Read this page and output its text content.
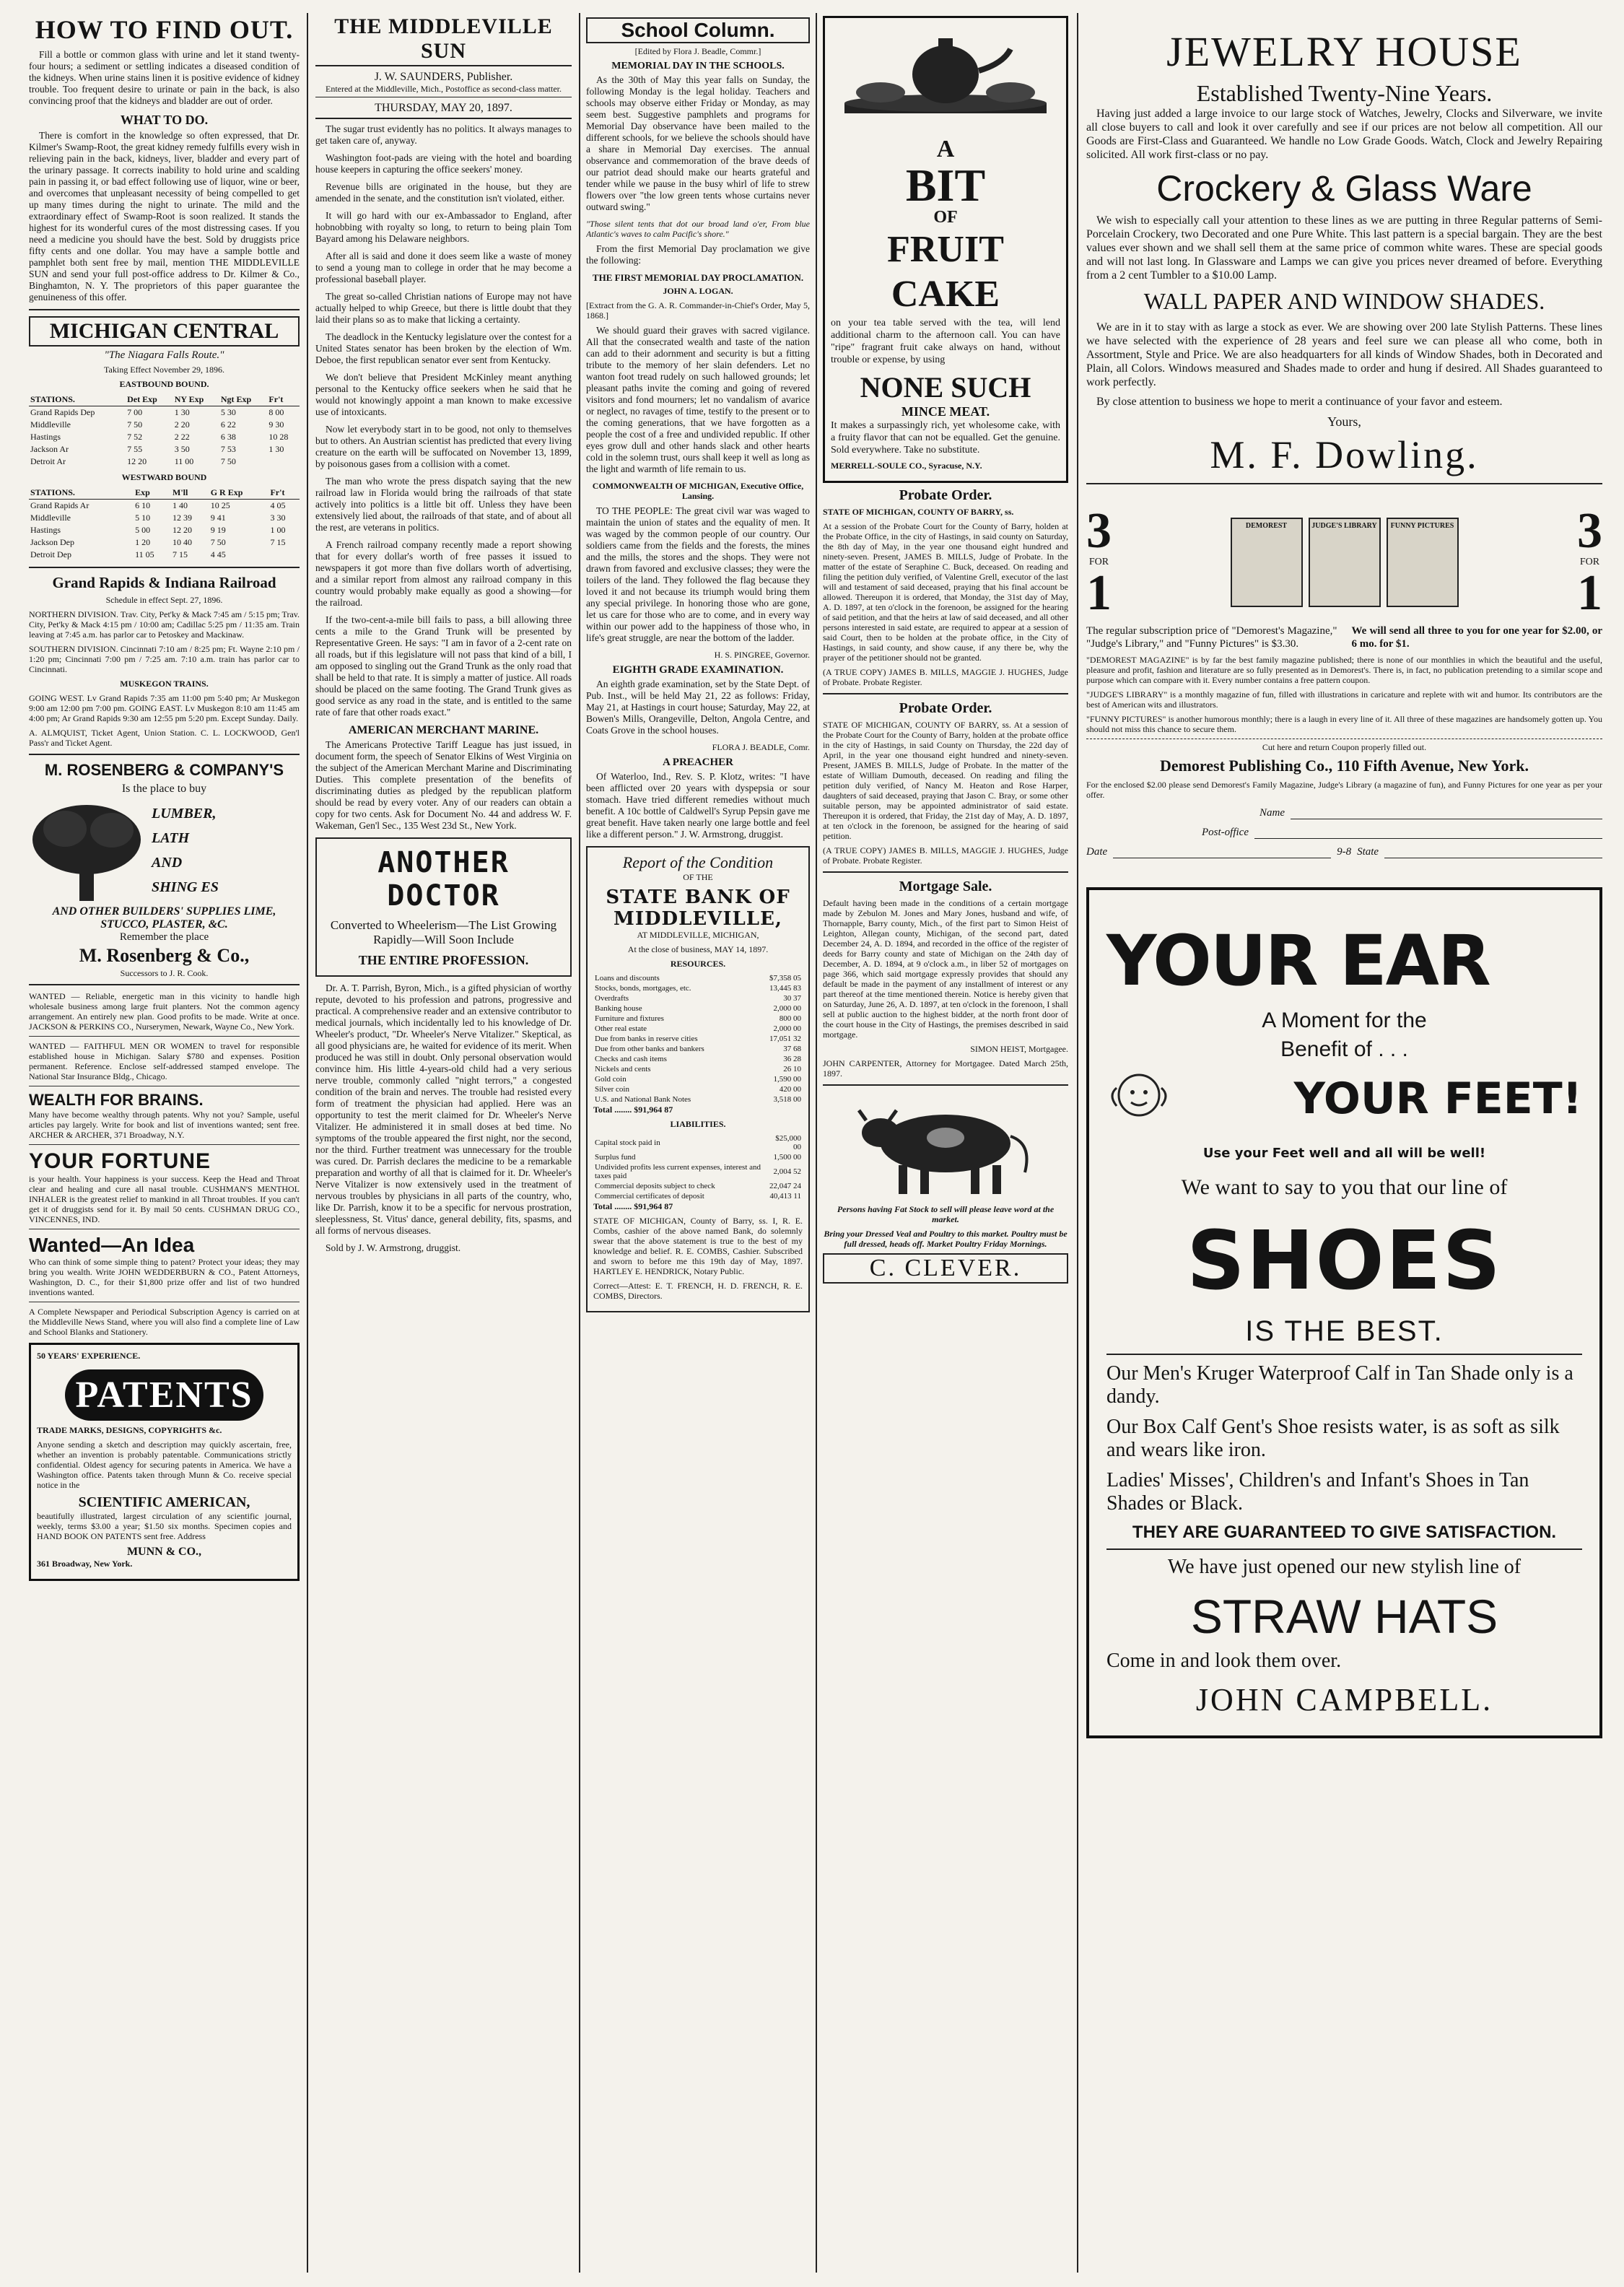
HOW TO FIND OUT.

Fill a bottle or common glass with urine and let it stand twenty-four hours; a sediment or settling indicates a diseased condition of the kidneys. When urine stains linen it is positive evidence of kidney trouble. Too frequent desire to urinate or pain in the back, is also convincing proof that the kidneys and bladder are out of order.

WHAT TO DO.

There is comfort in the knowledge so often expressed, that Dr. Kilmer's Swamp-Root, the great kidney remedy fulfills every wish in relieving pain in the back, kidneys, liver, bladder and every part of the urinary passage. It corrects inability to hold urine and scalding pain in passing it, or bad effect following use of liquor, wine or beer, and overcomes that unpleasant necessity of being compelled to get up many times during the night to urinate. The mild and the extraordinary effect of Swamp-Root is soon realized. It stands the highest for its wonderful cures of the most distressing cases. If you need a medicine you should have the best. Sold by druggists price fifty cents and one dollar. You may have a sample bottle and pamphlet both sent free by mail, mention THE MIDDLEVILLE SUN and send your full post-office address to Dr. Kilmer & Co., Binghamton, N. Y. The proprietors of this paper guarantee the genuineness of this offer.

MICHIGAN CENTRAL
"The Niagara Falls Route."
Taking Effect November 29, 1896.
EASTBOUND BOUND.
STATIONS.	Det Exp	NY Exp	Ngt Exp	Fr't
Grand Rapids Dep	7 00	1 30	5 30	8 00
Middleville	7 50	2 20	6 22	9 30
Hastings	7 52	2 22	6 38	10 28
Jackson Ar	7 55	3 50	7 53	1 30
Detroit Ar	12 20	11 00	7 50	
WESTWARD BOUND
STATIONS.	Exp	M'll	G R Exp	Fr't
Grand Rapids Ar	6 10	1 40	10 25	4 05
Middleville	5 10	12 39	9 41	3 30
Hastings	5 00	12 20	9 19	1 00
Jackson Dep	1 20	10 40	7 50	7 15
Detroit Dep	11 05	7 15	4 45	
Grand Rapids & Indiana Railroad
Schedule in effect Sept. 27, 1896.

NORTHERN DIVISION. Trav. City, Pet'ky & Mack 7:45 am / 5:15 pm; Trav. City, Pet'ky & Mack 4:15 pm / 10:00 am; Cadillac 5:25 pm / 11:35 am. Train leaving at 7:45 a.m. has parlor car to Petoskey and Mackinaw.

SOUTHERN DIVISION. Cincinnati 7:10 am / 8:25 pm; Ft. Wayne 2:10 pm / 1:20 pm; Cincinnati 7:00 pm / 7:25 am. 7:10 a.m. train has parlor car to Cincinnati.

MUSKEGON TRAINS.

GOING WEST. Lv Grand Rapids 7:35 am 11:00 pm 5:40 pm; Ar Muskegon 9:00 am 12:00 pm 7:00 pm. GOING EAST. Lv Muskegon 8:10 am 11:45 am 4:00 pm; Ar Grand Rapids 9:30 am 12:55 pm 5:20 pm. Except Sunday. Daily.

A. ALMQUIST, Ticket Agent, Union Station. C. L. LOCKWOOD, Gen'l Pass'r and Ticket Agent.

M. ROSENBERG & COMPANY'S
Is the place to buy
LUMBER,
LATH
AND
SHING ES
AND OTHER BUILDERS' SUPPLIES LIME, STUCCO, PLASTER, &C.
Remember the place
M. Rosenberg & Co.,
Successors to J. R. Cook.

WANTED — Reliable, energetic man in this vicinity to handle high wholesale business among large fruit planters. Not the common agency arrangement. An entirely new plan. Good profits to be made. Write at once. JACKSON & PERKINS CO., Nurserymen, Newark, Wayne Co., New York.

WANTED — FAITHFUL MEN OR WOMEN to travel for responsible established house in Michigan. Salary $780 and expenses. Position permanent. Reference. Enclose self-addressed stamped envelope. The National Star Insurance Bldg., Chicago.

WEALTH FOR BRAINS.

Many have become wealthy through patents. Why not you? Sample, useful articles pay largely. Write for book and list of inventions wanted; sent free. ARCHER & ARCHER, 371 Broadway, N.Y.

YOUR FORTUNE

is your health. Your happiness is your success. Keep the Head and Throat clear and healing and cure all nasal trouble. CUSHMAN'S MENTHOL INHALER is the greatest relief to mankind in all Throat troubles. If you can't get it of druggists send for it. By mail 50 cents. CUSHMAN DRUG CO., VINCENNES, IND.

Wanted—An Idea

Who can think of some simple thing to patent? Protect your ideas; they may bring you wealth. Write JOHN WEDDERBURN & CO., Patent Attorneys, Washington, D. C., for their $1,800 prize offer and list of two hundred inventions wanted.

A Complete Newspaper and Periodical Subscription Agency is carried on at the Middleville News Stand, where you will also find a complete line of Law and School Blanks and Stationery.

50 YEARS' EXPERIENCE.
PATENTS
TRADE MARKS, DESIGNS, COPYRIGHTS &c.

Anyone sending a sketch and description may quickly ascertain, free, whether an invention is probably patentable. Communications strictly confidential. Oldest agency for securing patents in America. We have a Washington office. Patents taken through Munn & Co. receive special notice in the

SCIENTIFIC AMERICAN,

beautifully illustrated, largest circulation of any scientific journal, weekly, terms $3.00 a year; $1.50 six months. Specimen copies and HAND BOOK ON PATENTS sent free. Address

MUNN & CO.,
361 Broadway, New York.
THE MIDDLEVILLE SUN
J. W. SAUNDERS, Publisher.
Entered at the Middleville, Mich., Postoffice as second-class matter.
THURSDAY, MAY 20, 1897.

The sugar trust evidently has no politics. It always manages to get taken care of, anyway.

Washington foot-pads are vieing with the hotel and boarding house keepers in capturing the office seekers' money.

Revenue bills are originated in the house, but they are amended in the senate, and the constitution isn't violated, either.

It will go hard with our ex-Ambassador to England, after hobnobbing with royalty so long, to return to being plain Tom Bayard among his Delaware neighbors.

After all is said and done it does seem like a waste of money to send a young man to college in order that he may become a professional baseball player.

The great so-called Christian nations of Europe may not have actually helped to whip Greece, but there is little doubt that they laid their plans so as to make that licking a certainty.

The deadlock in the Kentucky legislature over the contest for a United States senator has been broken by the election of Wm. Deboe, the first republican senator ever sent from Kentucky.

We don't believe that President McKinley meant anything personal to the Kentucky office seekers when he said that he would not knowingly appoint a man known to make excessive use of intoxicants.

Now let everybody start in to be good, not only to themselves but to others. An Austrian scientist has predicted that every living creature on the earth will be suffocated on November 13, 1899, by poisonous gases from a collision with a comet.

The man who wrote the press dispatch saying that the new railroad law in Florida would bring the railroads of that state actively into politics is a little bit off. Unless they have been extensively lied about, the railroads of that state, and of about all the rest, are veterans in politics.

A French railroad company recently made a report showing that for every dollar's worth of free passes it issued to newspapers it got more than five dollars worth of advertising, and a similar report from almost any railroad company in this country would probably make equally as good a showing—for the railroad.

If the two-cent-a-mile bill fails to pass, a bill allowing three cents a mile to the Grand Trunk will be presented by Representative Green. He says: "I am in favor of a 2-cent rate on all roads, but if this legislature will not pass that kind of a bill, I am opposed to singling out the Grand Trunk as the only road that shall be held to that rate. It is simply a matter of justice. All roads should be placed on the same footing. The Grand Trunk gives as good service as any road in the state, and is entitled to the same rate of fare that other roads exact."

AMERICAN MERCHANT MARINE.

The Americans Protective Tariff League has just issued, in document form, the speech of Senator Elkins of West Virginia on the subject of the American Merchant Marine and Discriminating Duties. This complete presentation of the benefits of discriminating duties as pledged by the republican platform should be read by every voter. Any of our readers can obtain a copy for two cents. Ask for Document No. 44 and address W. F. Wakeman, Gen'l Sec., 135 West 23d St., New York.

ANOTHER DOCTOR
Converted to Wheelerism—The List Growing Rapidly—Will Soon Include
THE ENTIRE PROFESSION.

Dr. A. T. Parrish, Byron, Mich., is a gifted physician of worthy repute, devoted to his profession and patrons, progressive and practical. A comprehensive reader and an extensive contributor to medical journals, which incidentally led to his knowledge of Dr. Wheeler's product, "Dr. Wheeler's Nerve Vitalizer." Skeptical, as all good physicians are, he waited for evidence of its merit. When produced he was still in doubt. Only personal observation would convince him. His little 4-years-old child had a very serious nerve trouble, commonly called "night terrors," a congested condition of the brain and nerves. The trouble had resisted every form of treatment the physician had applied. Here was an opportunity to test the merit claimed for Dr. Wheeler's Nerve Vitalizer. He administered it in small doses at bed time. No symptoms of the trouble appeared the first night, nor the second, nor the third. Further treatment was unnecessary for the trouble was cured. Dr. Parrish declares the medicine to be a remarkable preparation and worthy of all that is claimed for it. Dr. Wheeler's Nerve Vitalizer is now extensively used in the treatment of nervous troubles by physicians in all parts of the country, who, like Dr. Parrish, know it to be a specific for nervous prostration, sleeplessness, St. Vitus' dance, general debility, fits, spasms, and all forms of nervous diseases.

Sold by J. W. Armstrong, druggist.

School Column.
[Edited by Flora J. Beadle, Commr.]
MEMORIAL DAY IN THE SCHOOLS.

As the 30th of May this year falls on Sunday, the following Monday is the legal holiday. Teachers and schools may observe either Friday or Monday, as may seem best. Suggestive pamphlets and programs for Memorial Day observance have been mailed to the different schools, for we believe the schools should have a share in Memorial Day exercises. The annual observance and commemoration of the brave deeds of our patriot dead should make our hearts grateful and tender while we pause in the busy whirl of life to strew flowers over "the low green tents whose curtains never outward swing."

"Those silent tents that dot our broad land o'er, From blue Atlantic's waves to calm Pacific's shore."

From the first Memorial Day proclamation we give the following:

THE FIRST MEMORIAL DAY PROCLAMATION.
JOHN A. LOGAN.

[Extract from the G. A. R. Commander-in-Chief's Order, May 5, 1868.]

We should guard their graves with sacred vigilance. All that the consecrated wealth and taste of the nation can add to their adornment and security is but a fitting tribute to the memory of her slain defenders. Let no wanton foot tread rudely on such hallowed grounds; let pleasant paths invite the coming and going of revered visitors and fond mourners; let no vandalism of avarice or neglect, no ravages of time, testify to the present or to the coming generations, that we have forgotten as a people the cost of a free and undivided republic. If other eyes grow dull and other hands slack and other hearts cold in the solemn trust, ours shall keep it well as long as the light and warmth of life remain to us.

COMMONWEALTH OF MICHIGAN, Executive Office, Lansing.

TO THE PEOPLE: The great civil war was waged to maintain the union of states and the equality of men. It was waged by the common people of our country. Our soldiers came from the fields and the forests, the mines and the mills, the stores and the shops. They were not drawn from favored and exclusive classes; they were the toilers of the land. They followed the flag because they loved it and not because its triumph would bring them any special privilege. In honoring those who are gone, let us care for those who are to come, and in every way within our power add to the happiness of those who, in life's great struggle, are near the bottom of the ladder.

H. S. PINGREE, Governor.
EIGHTH GRADE EXAMINATION.

An eighth grade examination, set by the State Dept. of Pub. Inst., will be held May 21, 22 as follows: Friday, May 21, at Hastings in court house; Saturday, May 22, at Bowen's Mills, Orangeville, Delton, Angola Centre, and Coats Grove in the school houses.

FLORA J. BEADLE, Comr.
A PREACHER

Of Waterloo, Ind., Rev. S. P. Klotz, writes: "I have been afflicted over 20 years with dyspepsia or sour stomach. Have tried different remedies without much benefit. A 10c bottle of Caldwell's Syrup Pepsin gave me great benefit. Have taken nearly one large bottle and feel like a different person." J. W. Armstrong, druggist.

Report of the Condition
OF THE
STATE BANK OF MIDDLEVILLE,
AT MIDDLEVILLE, MICHIGAN,
At the close of business, MAY 14, 1897.
RESOURCES.
Loans and discounts	$7,358 05
Stocks, bonds, mortgages, etc.	13,445 83
Overdrafts	30 37
Banking house	2,000 00
Furniture and fixtures	800 00
Other real estate	2,000 00
Due from banks in reserve cities	17,051 32
Due from other banks and bankers	37 68
Checks and cash items	36 28
Nickels and cents	26 10
Gold coin	1,590 00
Silver coin	420 00
U.S. and National Bank Notes	3,518 00
Total ........ $91,964 87
LIABILITIES.
Capital stock paid in	$25,000 00
Surplus fund	1,500 00
Undivided profits less current expenses, interest and taxes paid	2,004 52
Commercial deposits subject to check	22,047 24
Commercial certificates of deposit	40,413 11
Total ........ $91,964 87

STATE OF MICHIGAN, County of Barry, ss. I, R. E. Combs, cashier of the above named Bank, do solemnly swear that the above statement is true to the best of my knowledge and belief. R. E. COMBS, Cashier. Subscribed and sworn to before me this 19th day of May, 1897. HARTLEY E. HENDRICK, Notary Public.

Correct—Attest: E. T. FRENCH, H. D. FRENCH, R. E. COMBS, Directors.

A
BIT
OF
FRUIT CAKE

on your tea table served with the tea, will lend additional charm to the afternoon call. You can have "ripe" fragrant fruit cake always on hand, without trouble or expense, by using

NONE SUCH
MINCE MEAT.

It makes a surpassingly rich, yet wholesome cake, with a fruity flavor that can not be equalled. Get the genuine. Sold everywhere. Take no substitute.

MERRELL-SOULE CO., Syracuse, N.Y.
Probate Order.
STATE OF MICHIGAN, COUNTY OF BARRY, ss.

At a session of the Probate Court for the County of Barry, holden at the Probate Office, in the city of Hastings, in said county on Saturday, the 8th day of May, in the year one thousand eight hundred and ninety-seven. Present, JAMES B. MILLS, Judge of Probate. In the matter of the estate of Seraphine C. Buck, deceased. On reading and filing the petition duly verified, of Valentine Grell, executor of the last will and testament of said deceased, praying that his final account be allowed. Thereupon it is ordered, that Monday, the 31st day of May, A. D. 1897, at ten o'clock in the forenoon, be assigned for the hearing of said petition, and that the heirs at law of said deceased, and all other persons interested in said estate, are required to appear at a session of said Court, then to be holden at the probate office, in the City of Hastings, in said county, and show cause, if any there be, why the prayer of the petitioner should not be granted.

(A TRUE COPY) JAMES B. MILLS, MAGGIE J. HUGHES, Judge of Probate. Probate Register.

Probate Order.

STATE OF MICHIGAN, COUNTY OF BARRY, ss. At a session of the Probate Court for the County of Barry, holden at the probate office in the city of Hastings, in said County on Thursday, the 22d day of April, in the year one thousand eight hundred and ninety-seven. Present, JAMES B. MILLS, Judge of Probate. In the matter of the estate of William Dumouth, deceased. On reading and filing the petition duly verified, of Nancy M. Heaton and Rose Harper, daughters of said deceased, praying that Jason C. Bray, or some other suitable person, may be appointed administrator of said estate. Thereupon it is ordered, that Friday, the 21st day of May, A. D. 1897, at ten o'clock in the forenoon, be assigned for the hearing of said petition.

(A TRUE COPY) JAMES B. MILLS, MAGGIE J. HUGHES, Judge of Probate. Probate Register.

Mortgage Sale.

Default having been made in the conditions of a certain mortgage made by Zebulon M. Jones and Mary Jones, husband and wife, of Thornapple, Barry county, Mich., of the first part to Simon Heist of Leighton, Allegan county, Michigan, of the second part, dated December 24, A. D. 1894, and recorded in the office of the register of deeds for Barry county and state of Michigan on the 24th day of December, A. D. 1894, at 9 o'clock a.m., in liber 52 of mortgages on page 366, which said mortgage expressly provides that should any default be made in the payment of any installment of interest or any part thereof at the time mentioned therein. Notice is hereby given that on Saturday, June 26, A. D. 1897, at ten o'clock in the forenoon, I shall sell at public auction to the highest bidder, at the north front door of the court house in the City of Hastings, the premises described in said mortgage.

SIMON HEIST, Mortgagee.

JOHN CARPENTER, Attorney for Mortgagee. Dated March 25th, 1897.

Persons having Fat Stock to sell will please leave word at the market.

Bring your Dressed Veal and Poultry to this market. Poultry must be full dressed, heads off. Market Poultry Friday Mornings.

C. CLEVER.
JEWELRY HOUSE
Established Twenty-Nine Years.

Having just added a large invoice to our large stock of Watches, Jewelry, Clocks and Silverware, we invite all close buyers to call and look it over carefully and see if our prices are not below all competition. All our Goods are First-Class and Guaranteed. We handle no Low Grade Goods. Watch, Clock and Jewelry Repairing solicited. All work first-class or no pay.

Crockery & Glass Ware

We wish to especially call your attention to these lines as we are putting in three Regular patterns of Semi-Porcelain Crockery, two Decorated and one Pure White. This last pattern is a special bargain. They are the best values ever shown and we shall sell them at the same price of common white wares. These are special goods and will not last long. In Glassware and Lamps we can give you prices never dreamed of before. Everything from a 2 cent Tumbler to a $10.00 Lamp.

WALL PAPER AND WINDOW SHADES.

We are in it to stay with as large a stock as ever. We are showing over 200 late Stylish Patterns. These lines we have selected with the experience of 28 years and feel sure we can please all who come, both in Assortment, Style and Price. We are also headquarters for all kinds of Window Shades, both in Decorated and Plain, all Colors. Windows measured and Shades made to order and hung if desired. All Shades guaranteed to work perfectly.

By close attention to business we hope to merit a continuance of your favor and esteem.

Yours,
M. F. Dowling.
3
FOR
1
DEMOREST	JUDGE'S LIBRARY	FUNNY PICTURES 3
FOR
1

The regular subscription price of "Demorest's Magazine," "Judge's Library," and "Funny Pictures" is $3.30.

We will send all three to you for one year for $2.00, or 6 mo. for $1.

"DEMOREST MAGAZINE" is by far the best family magazine published; there is none of our monthlies in which the beautiful and the useful, pleasure and profit, fashion and literature are so fully presented as in Demorest's. There is, in fact, no publication pretending to a similar scope and purpose which can compare with it. Every number contains a free pattern coupon.

"JUDGE'S LIBRARY" is a monthly magazine of fun, filled with illustrations in caricature and replete with wit and humor. Its contributors are the best of American wits and illustrators.

"FUNNY PICTURES" is another humorous monthly; there is a laugh in every line of it. All three of these magazines are handsomely gotten up. You should not miss this chance to secure them.

Cut here and return Coupon properly filled out.
Demorest Publishing Co., 110 Fifth Avenue, New York.

For the enclosed $2.00 please send Demorest's Family Magazine, Judge's Library (a magazine of fun), and Funny Pictures for one year as per your offer.

Name
Post-office
Date	9-8 State
YOUR EAR
A Moment for the
Benefit of . . .
YOUR FEET!
Use your Feet well and all will be well!
We want to say to you that our line of
SHOES
IS THE BEST.

Our Men's Kruger Waterproof Calf in Tan Shade only is a dandy.

Our Box Calf Gent's Shoe resists water, is as soft as silk and wears like iron.

Ladies' Misses', Children's and Infant's Shoes in Tan Shades or Black.

THEY ARE GUARANTEED TO GIVE SATISFACTION.
We have just opened our new stylish line of
STRAW HATS
Come in and look them over.
JOHN CAMPBELL.
